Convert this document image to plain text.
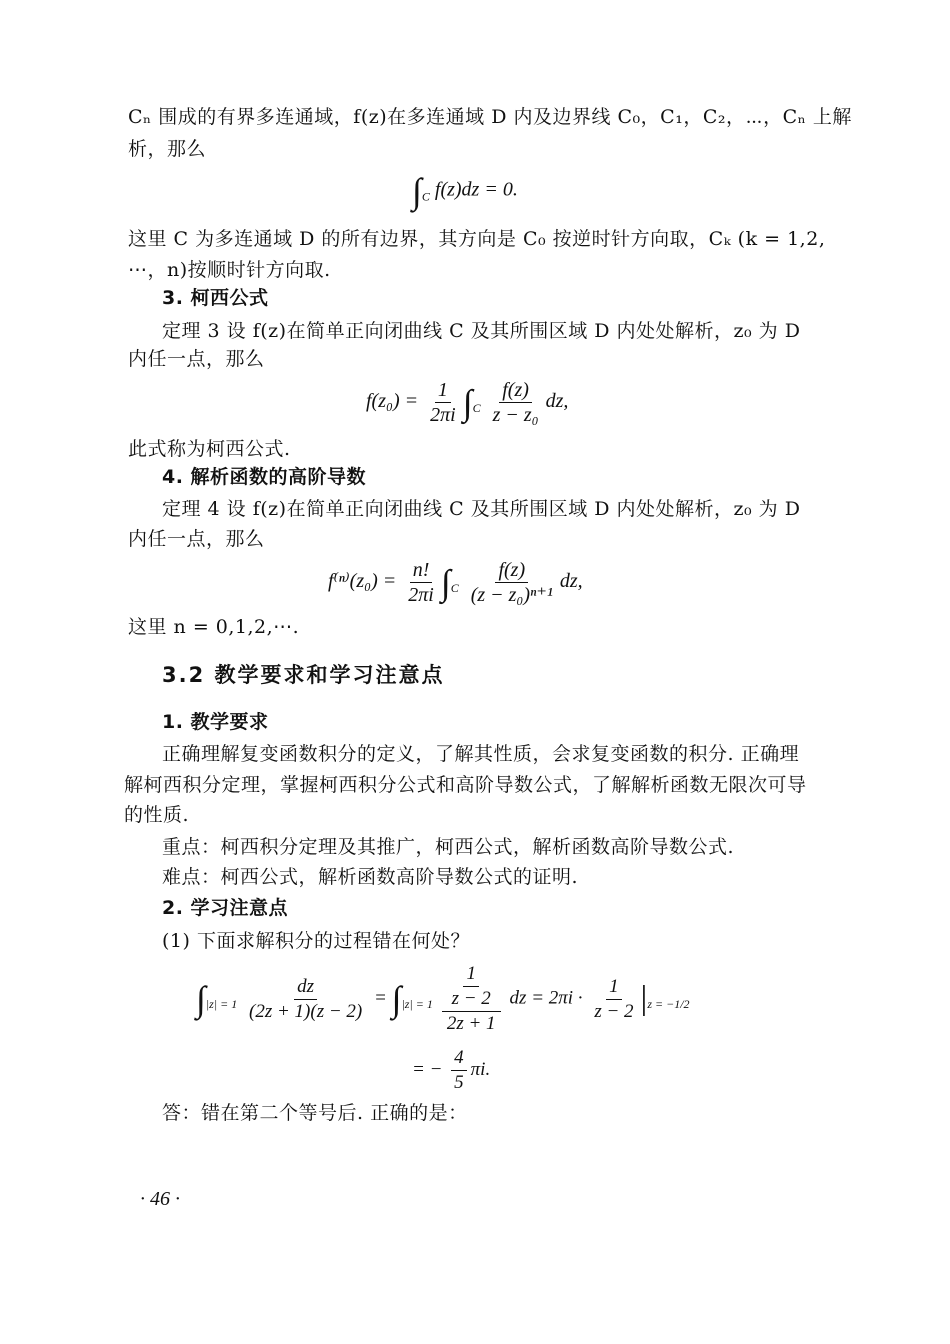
Cₙ 围成的有界多连通域，f(z)在多连通域 D 内及边界线 C₀，C₁，C₂，⋯，Cₙ 上解
析，那么
$\int_C$ f(z)dz = 0.
这里 C 为多连通域 D 的所有边界，其方向是 C₀ 按逆时针方向取，Cₖ (k = 1,2,
⋯，n)按顺时针方向取.
3. 柯西公式
定理 3 设 f(z)在简单正向闭曲线 C 及其所围区域 D 内处处解析，z₀ 为 D
内任一点，那么
$f(z_0) = \frac{1}{2\pi i} \int_C \frac{f(z)}{\text{z − z₀}}$ dz,
此式称为柯西公式.
4. 解析函数的高阶导数
定理 4 设 f(z)在简单正向闭曲线 C 及其所围区域 D 内处处解析，z₀ 为 D
内任一点，那么
$f^{(n)}(z_0) = \frac{n!}{2\pi i} \int_C \frac{f(z)}{\text{(z − z₀)ⁿ⁺¹}}$ dz,
这里 n = 0,1,2,⋯.
3.2 教学要求和学习注意点
1. 教学要求
正确理解复变函数积分的定义，了解其性质，会求复变函数的积分. 正确理
解柯西积分定理，掌握柯西积分公式和高阶导数公式，了解解析函数无限次可导
的性质.
重点：柯西积分定理及其推广，柯西公式，解析函数高阶导数公式.
难点：柯西公式，解析函数高阶导数公式的证明.
2. 学习注意点
(1) 下面求解积分的过程错在何处？
$\int_{|z| = 1} \frac{dz}{(2z + 1)(z - 2)} = \int_{|z| = 1} \frac{\frac{1}{z - 2}}{2z + 1}$ dz = $2\pi i \cdot \frac{1}{z - 2} |_{z = -1/2}$
= − $\frac{4}{5} \pi i$.
答：错在第二个等号后. 正确的是：
· 46 ·
